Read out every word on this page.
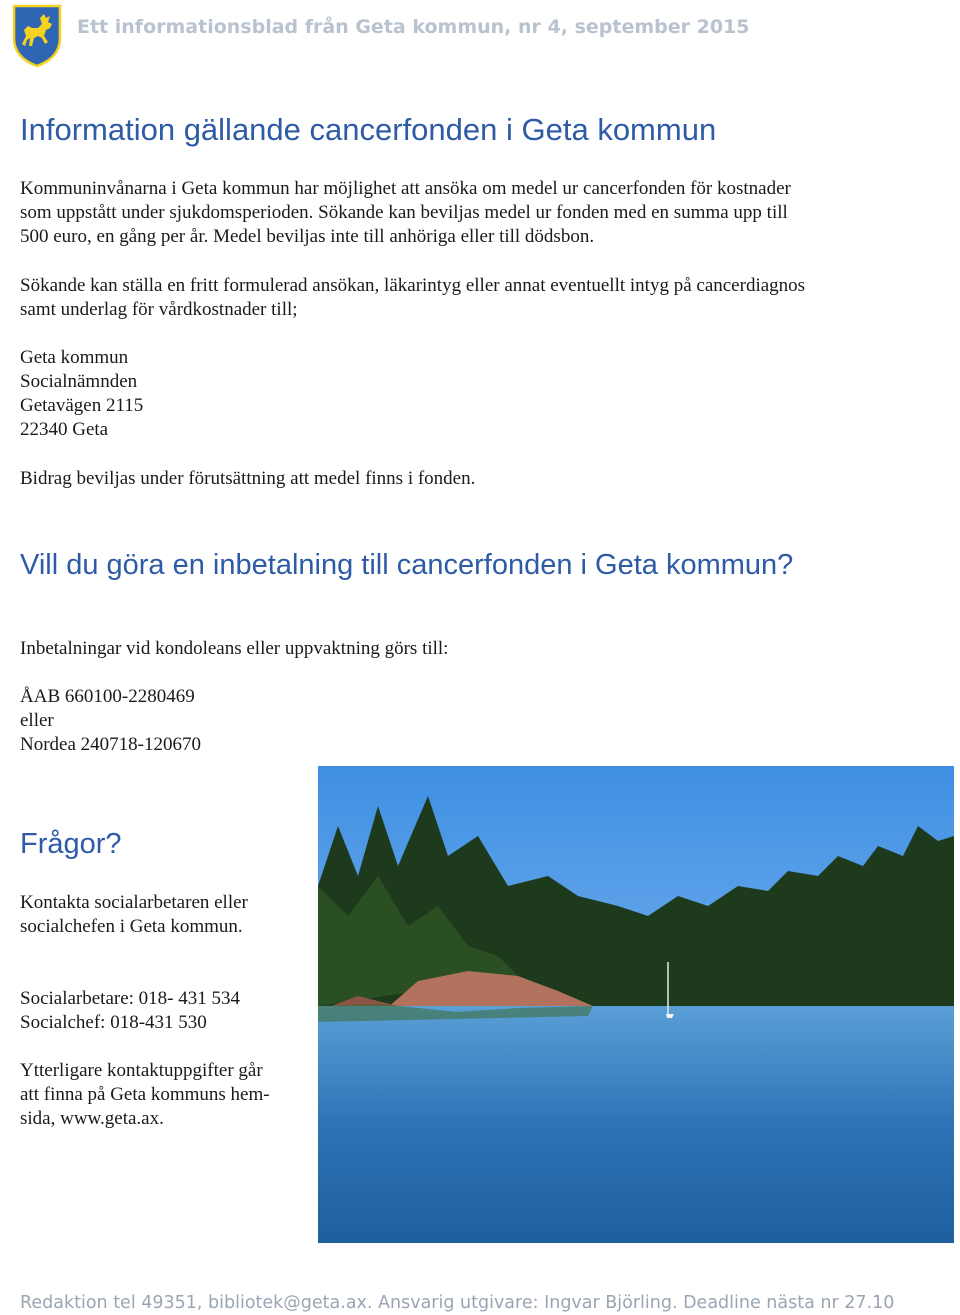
Ett informationsblad från Geta kommun, nr 4, september 2015
Information gällande cancerfonden i Geta kommun
Kommuninvånarna i Geta kommun har möjlighet att ansöka om medel ur cancerfonden för kostnader
som uppstått under sjukdomsperioden. Sökande kan beviljas medel ur fonden med en summa upp till
500 euro, en gång per år. Medel beviljas inte till anhöriga eller till dödsbon.
Sökande kan ställa en fritt formulerad ansökan, läkarintyg eller annat eventuellt intyg på cancerdiagnos
samt underlag för vårdkostnader till;
Geta kommun
Socialnämnden
Getavägen 2115
22340 Geta
Bidrag beviljas under förutsättning att medel finns i fonden.
Vill du göra en inbetalning till cancerfonden i Geta kommun?
Inbetalningar vid kondoleans eller uppvaktning görs till:
ÅAB 660100-2280469
eller
Nordea 240718-120670
Frågor?
Kontakta socialarbetaren eller
socialchefen i Geta kommun.
Socialarbetare: 018- 431 534
Socialchef: 018-431 530
Ytterligare kontaktuppgifter går
att finna på Geta kommuns hem-
sida, www.geta.ax.
Redaktion tel 49351, bibliotek@geta.ax. Ansvarig utgivare: Ingvar Björling. Deadline nästa nr 27.10
